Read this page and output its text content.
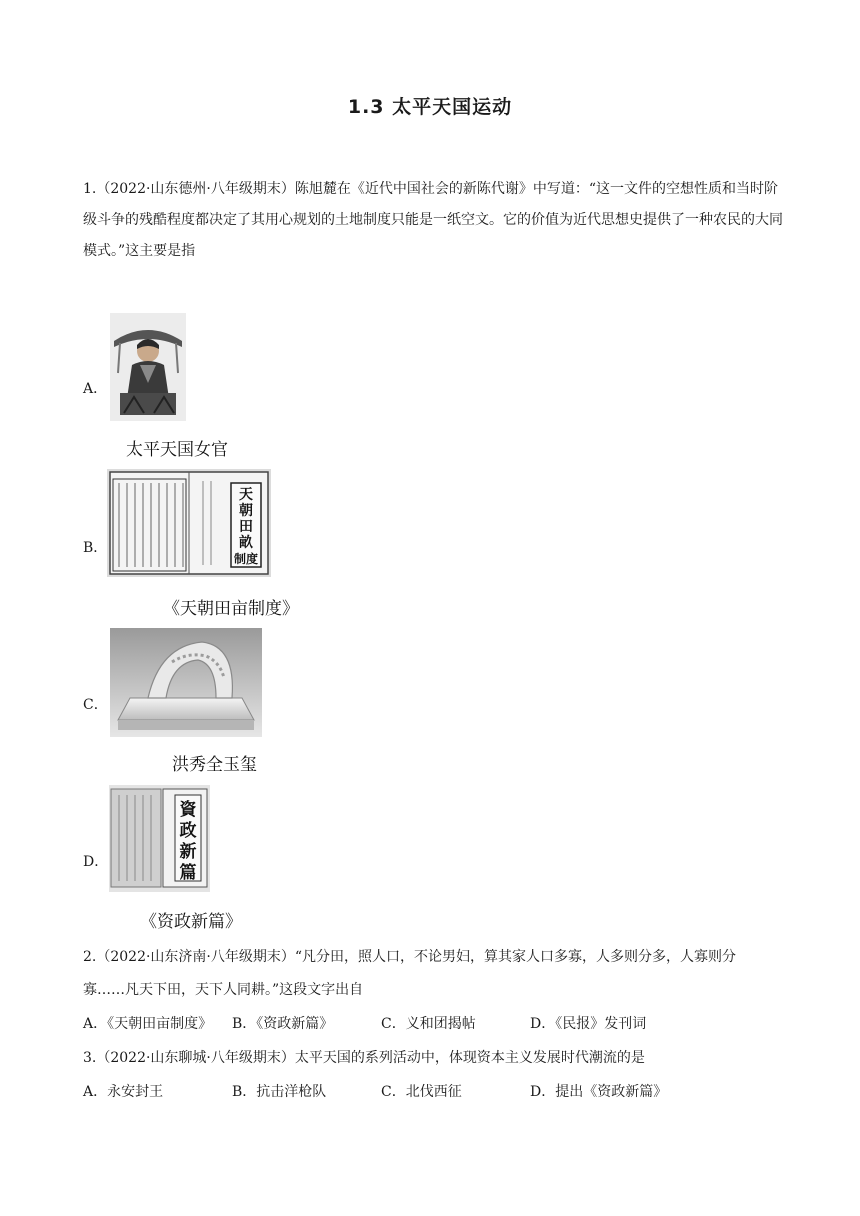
1.3 太平天国运动
1.（2022·山东德州·八年级期末）陈旭麓在《近代中国社会的新陈代谢》中写道：“这一文件的空想性质和当时阶级斗争的残酷程度都决定了其用心规划的土地制度只能是一纸空文。它的价值为近代思想史提供了一种农民的大同模式。”这主要是指
A．
太平天国女官
B．
天
朝
田
畝
制度
《天朝田亩制度》
C．
洪秀全玉玺
D．
資
政
新
篇
《资政新篇》
2.（2022·山东济南·八年级期末）“凡分田，照人口，不论男妇，算其家人口多寡，人多则分多，人寡则分
寡……凡天下田，天下人同耕。”这段文字出自
A．《天朝田亩制度》 B．《资政新篇》	C．义和团揭帖	D．《民报》发刊词
3.（2022·山东聊城·八年级期末）太平天国的系列活动中，体现资本主义发展时代潮流的是
A．永安封王	B．抗击洋枪队	C．北伐西征	D．提出《资政新篇》
